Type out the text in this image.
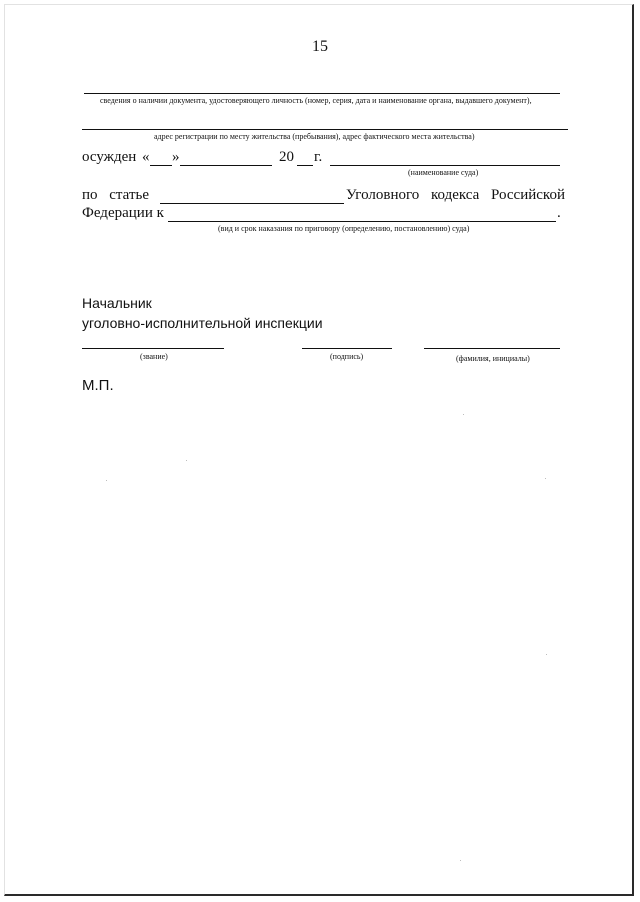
15
сведения о наличии документа, удостоверяющего личность (номер, серия, дата и наименование органа, выдавшего документ),
адрес регистрации по месту жительства (пребывания), адрес фактического места жительства)
осужден « »	20 г.
(наименование суда)
по статье	Уголовного кодекса Российской
Федерации к	.
(вид и срок наказания по приговору (определению, постановлению) суда)
Начальник
уголовно-исполнительной инспекции
(звание)	(подпись)	(фамилия, инициалы)
М.П.
